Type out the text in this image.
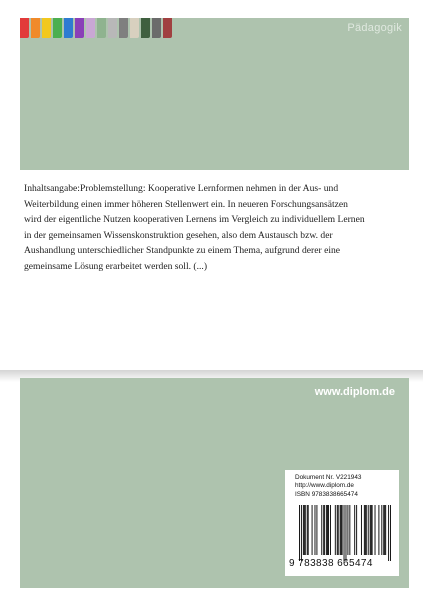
Pädagogik
Inhaltsangabe:Problemstellung: Kooperative Lernformen nehmen in der Aus- und
Weiterbildung einen immer höheren Stellenwert ein. In neueren Forschungsansätzen
wird der eigentliche Nutzen kooperativen Lernens im Vergleich zu individuellem Lernen
in der gemeinsamen Wissenskonstruktion gesehen, also dem Austausch bzw. der
Aushandlung unterschiedlicher Standpunkte zu einem Thema, aufgrund derer eine
gemeinsame Lösung erarbeitet werden soll. (...)
www.diplom.de
Dokument Nr. V221943
http://www.diplom.de
ISBN 9783838665474
9 783838 665474
